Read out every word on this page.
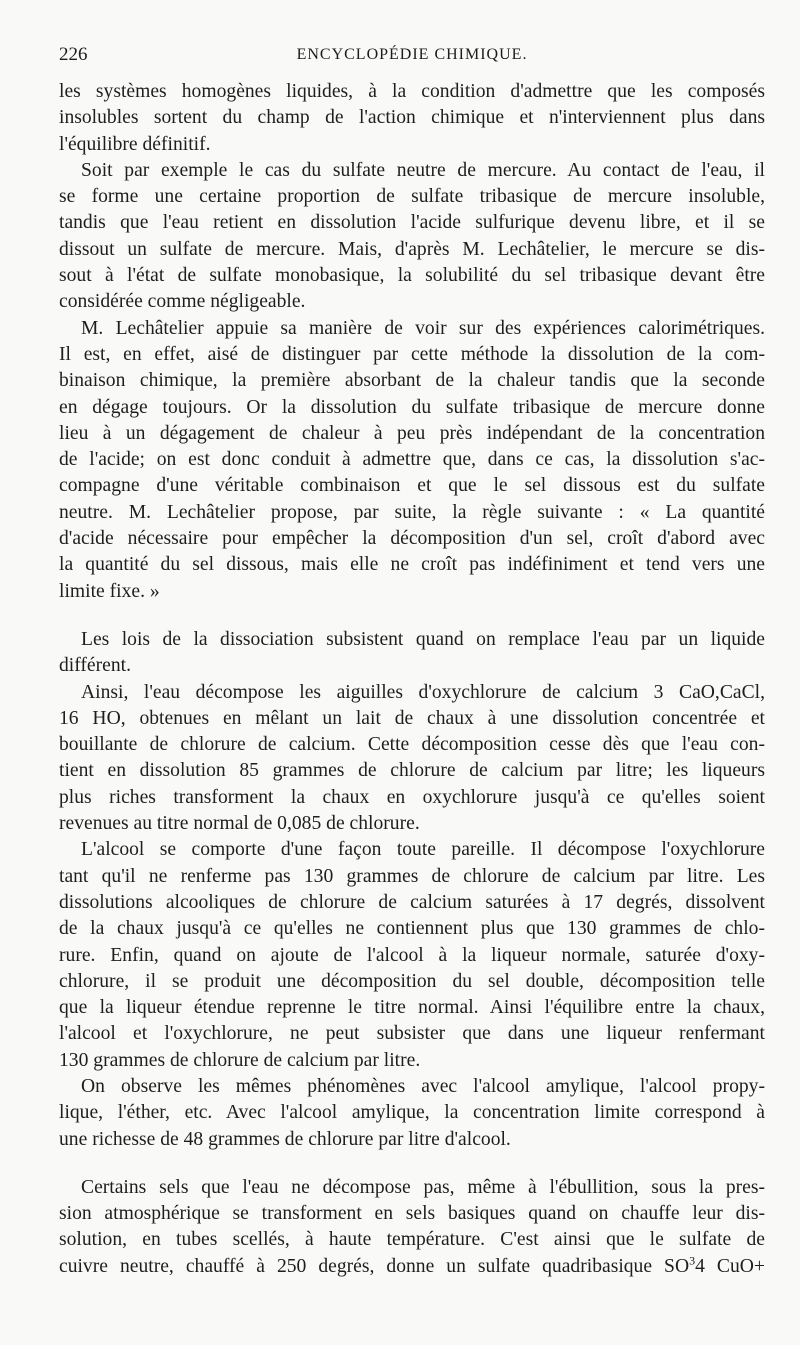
226	ENCYCLOPÉDIE CHIMIQUE.
les systèmes homogènes liquides, à la condition d'admettre que les composés
insolubles sortent du champ de l'action chimique et n'interviennent plus dans
l'équilibre définitif.
Soit par exemple le cas du sulfate neutre de mercure. Au contact de l'eau, il
se forme une certaine proportion de sulfate tribasique de mercure insoluble,
tandis que l'eau retient en dissolution l'acide sulfurique devenu libre, et il se
dissout un sulfate de mercure. Mais, d'après M. Lechâtelier, le mercure se dis-
sout à l'état de sulfate monobasique, la solubilité du sel tribasique devant être
considérée comme négligeable.
M. Lechâtelier appuie sa manière de voir sur des expériences calorimétriques.
Il est, en effet, aisé de distinguer par cette méthode la dissolution de la com-
binaison chimique, la première absorbant de la chaleur tandis que la seconde
en dégage toujours. Or la dissolution du sulfate tribasique de mercure donne
lieu à un dégagement de chaleur à peu près indépendant de la concentration
de l'acide; on est donc conduit à admettre que, dans ce cas, la dissolution s'ac-
compagne d'une véritable combinaison et que le sel dissous est du sulfate
neutre. M. Lechâtelier propose, par suite, la règle suivante : « La quantité
d'acide nécessaire pour empêcher la décomposition d'un sel, croît d'abord avec
la quantité du sel dissous, mais elle ne croît pas indéfiniment et tend vers une
limite fixe. »
Les lois de la dissociation subsistent quand on remplace l'eau par un liquide
différent.
Ainsi, l'eau décompose les aiguilles d'oxychlorure de calcium 3 CaO,CaCl,
16 HO, obtenues en mêlant un lait de chaux à une dissolution concentrée et
bouillante de chlorure de calcium. Cette décomposition cesse dès que l'eau con-
tient en dissolution 85 grammes de chlorure de calcium par litre; les liqueurs
plus riches transforment la chaux en oxychlorure jusqu'à ce qu'elles soient
revenues au titre normal de 0,085 de chlorure.
L'alcool se comporte d'une façon toute pareille. Il décompose l'oxychlorure
tant qu'il ne renferme pas 130 grammes de chlorure de calcium par litre. Les
dissolutions alcooliques de chlorure de calcium saturées à 17 degrés, dissolvent
de la chaux jusqu'à ce qu'elles ne contiennent plus que 130 grammes de chlo-
rure. Enfin, quand on ajoute de l'alcool à la liqueur normale, saturée d'oxy-
chlorure, il se produit une décomposition du sel double, décomposition telle
que la liqueur étendue reprenne le titre normal. Ainsi l'équilibre entre la chaux,
l'alcool et l'oxychlorure, ne peut subsister que dans une liqueur renfermant
130 grammes de chlorure de calcium par litre.
On observe les mêmes phénomènes avec l'alcool amylique, l'alcool propy-
lique, l'éther, etc. Avec l'alcool amylique, la concentration limite correspond à
une richesse de 48 grammes de chlorure par litre d'alcool.
Certains sels que l'eau ne décompose pas, même à l'ébullition, sous la pres-
sion atmosphérique se transforment en sels basiques quand on chauffe leur dis-
solution, en tubes scellés, à haute température. C'est ainsi que le sulfate de
cuivre neutre, chauffé à 250 degrés, donne un sulfate quadribasique $SO^34$ CuO+
